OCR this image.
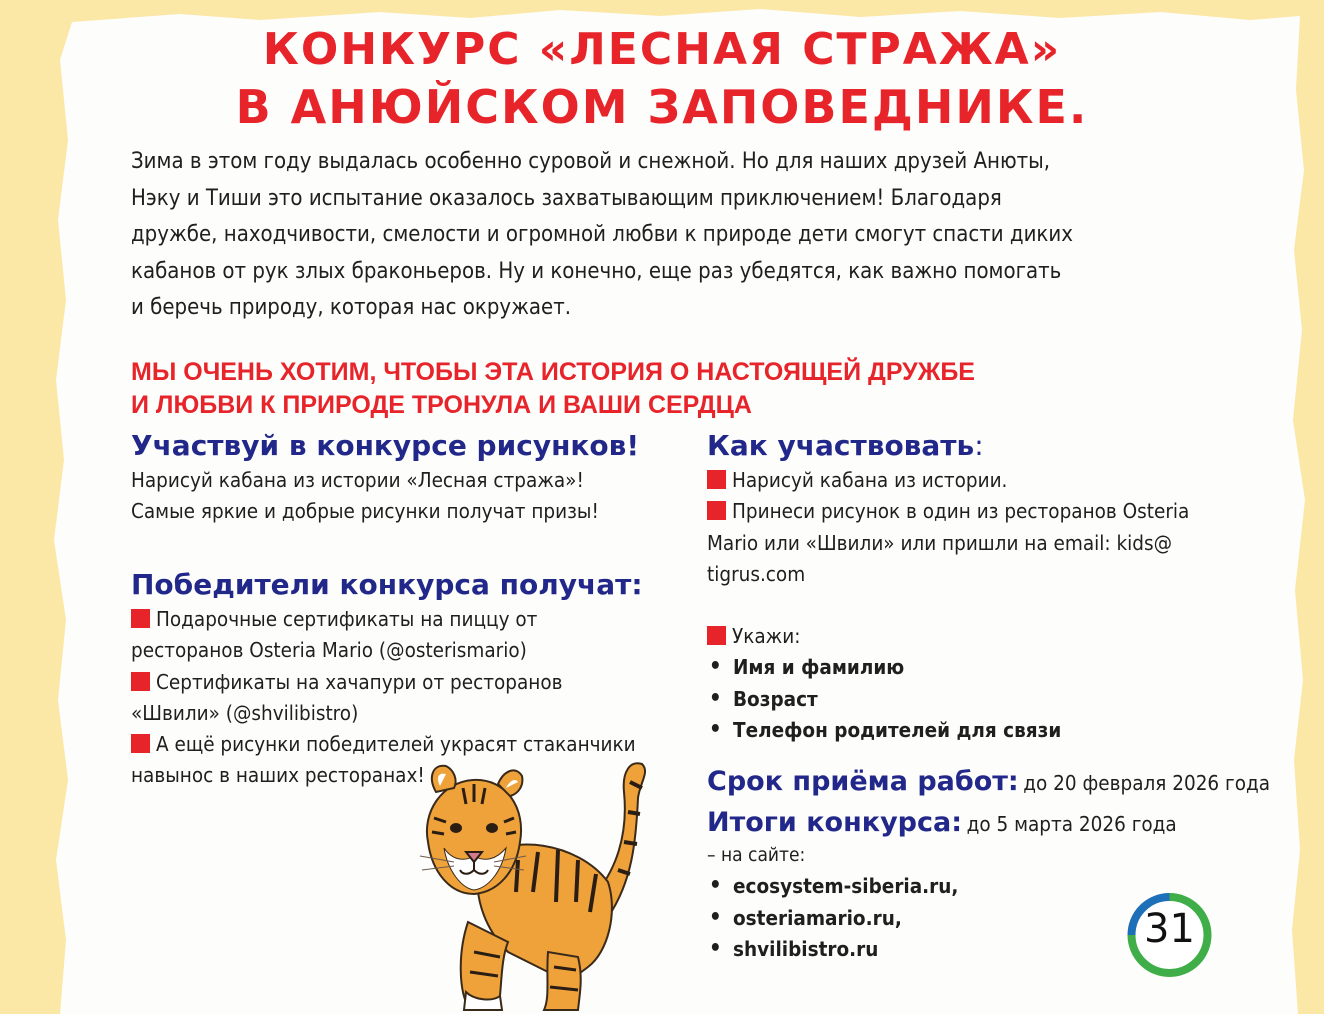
КОНКУРС «ЛЕСНАЯ СТРАЖА»
В АНЮЙСКОМ ЗАПОВЕДНИКЕ.
Зима в этом году выдалась особенно суровой и снежной. Но для наших друзей Анюты,
Нэку и Тиши это испытание оказалось захватывающим приключением! Благодаря
дружбе, находчивости, смелости и огромной любви к природе дети смогут спасти диких
кабанов от рук злых браконьеров. Ну и конечно, еще раз убедятся, как важно помогать
и беречь природу, которая нас окружает.
МЫ ОЧЕНЬ ХОТИМ, ЧТОБЫ ЭТА ИСТОРИЯ О НАСТОЯЩЕЙ ДРУЖБЕ
И ЛЮБВИ К ПРИРОДЕ ТРОНУЛА И ВАШИ СЕРДЦА
Участвуй в конкурсе рисунков!
Нарисуй кабана из истории «Лесная стража»!
Самые яркие и добрые рисунки получат призы!
Победители конкурса получат:
Подарочные сертификаты на пиццу от
ресторанов Osteria Mario (@osterismario)
Сертификаты на хачапури от ресторанов
«Швили» (@shvilibistro)
А ещё рисунки победителей украсят стаканчики
навынос в наших ресторанах!
Как участвовать:
Нарисуй кабана из истории.
Принеси рисунок в один из ресторанов Osteria
Mario или «Швили» или пришли на email: kids@
tigrus.com
Укажи:
• Имя и фамилию
• Возраст
• Телефон родителей для связи
Срок приёма работ: до 20 февраля 2026 года
Итоги конкурса: до 5 марта 2026 года
– на сайте:
• ecosystem-siberia.ru,
• osteriamario.ru,
• shvilibistro.ru	31
